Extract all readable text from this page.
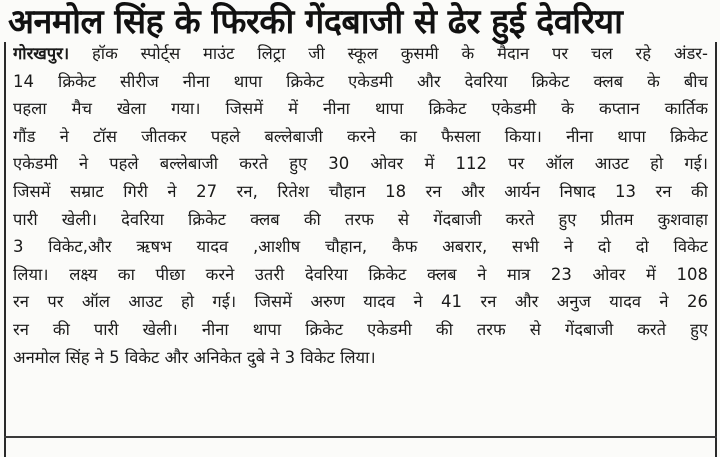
अनमोल सिंह के फिरकी गेंदबाजी से ढेर हुई देवरिया
गोरखपुर। हॉक स्पोर्ट्स माउंट लिट्रा जी स्कूल कुसमी के मैदान पर चल रहे अंडर-
14 क्रिकेट सीरीज नीना थापा क्रिकेट एकेडमी और देवरिया क्रिकेट क्लब के बीच
पहला मैच खेला गया। जिसमें में नीना थापा क्रिकेट एकेडमी के कप्तान कार्तिक
गौंड ने टॉस जीतकर पहले बल्लेबाजी करने का फैसला किया। नीना थापा क्रिकेट
एकेडमी ने पहले बल्लेबाजी करते हुए 30 ओवर में 112 पर ऑल आउट हो गई।
जिसमें सम्राट गिरी ने 27 रन, रितेश चौहान 18 रन और आर्यन निषाद 13 रन की
पारी खेली। देवरिया क्रिकेट क्लब की तरफ से गेंदबाजी करते हुए प्रीतम कुशवाहा
3 विकेट,और ऋषभ यादव ,आशीष चौहान, कैफ अबरार, सभी ने दो दो विकेट
लिया। लक्ष्य का पीछा करने उतरी देवरिया क्रिकेट क्लब ने मात्र 23 ओवर में 108
रन पर ऑल आउट हो गई। जिसमें अरुण यादव ने 41 रन और अनुज यादव ने 26
रन की पारी खेली। नीना थापा क्रिकेट एकेडमी की तरफ से गेंदबाजी करते हुए
अनमोल सिंह ने 5 विकेट और अनिकेत दुबे ने 3 विकेट लिया।
